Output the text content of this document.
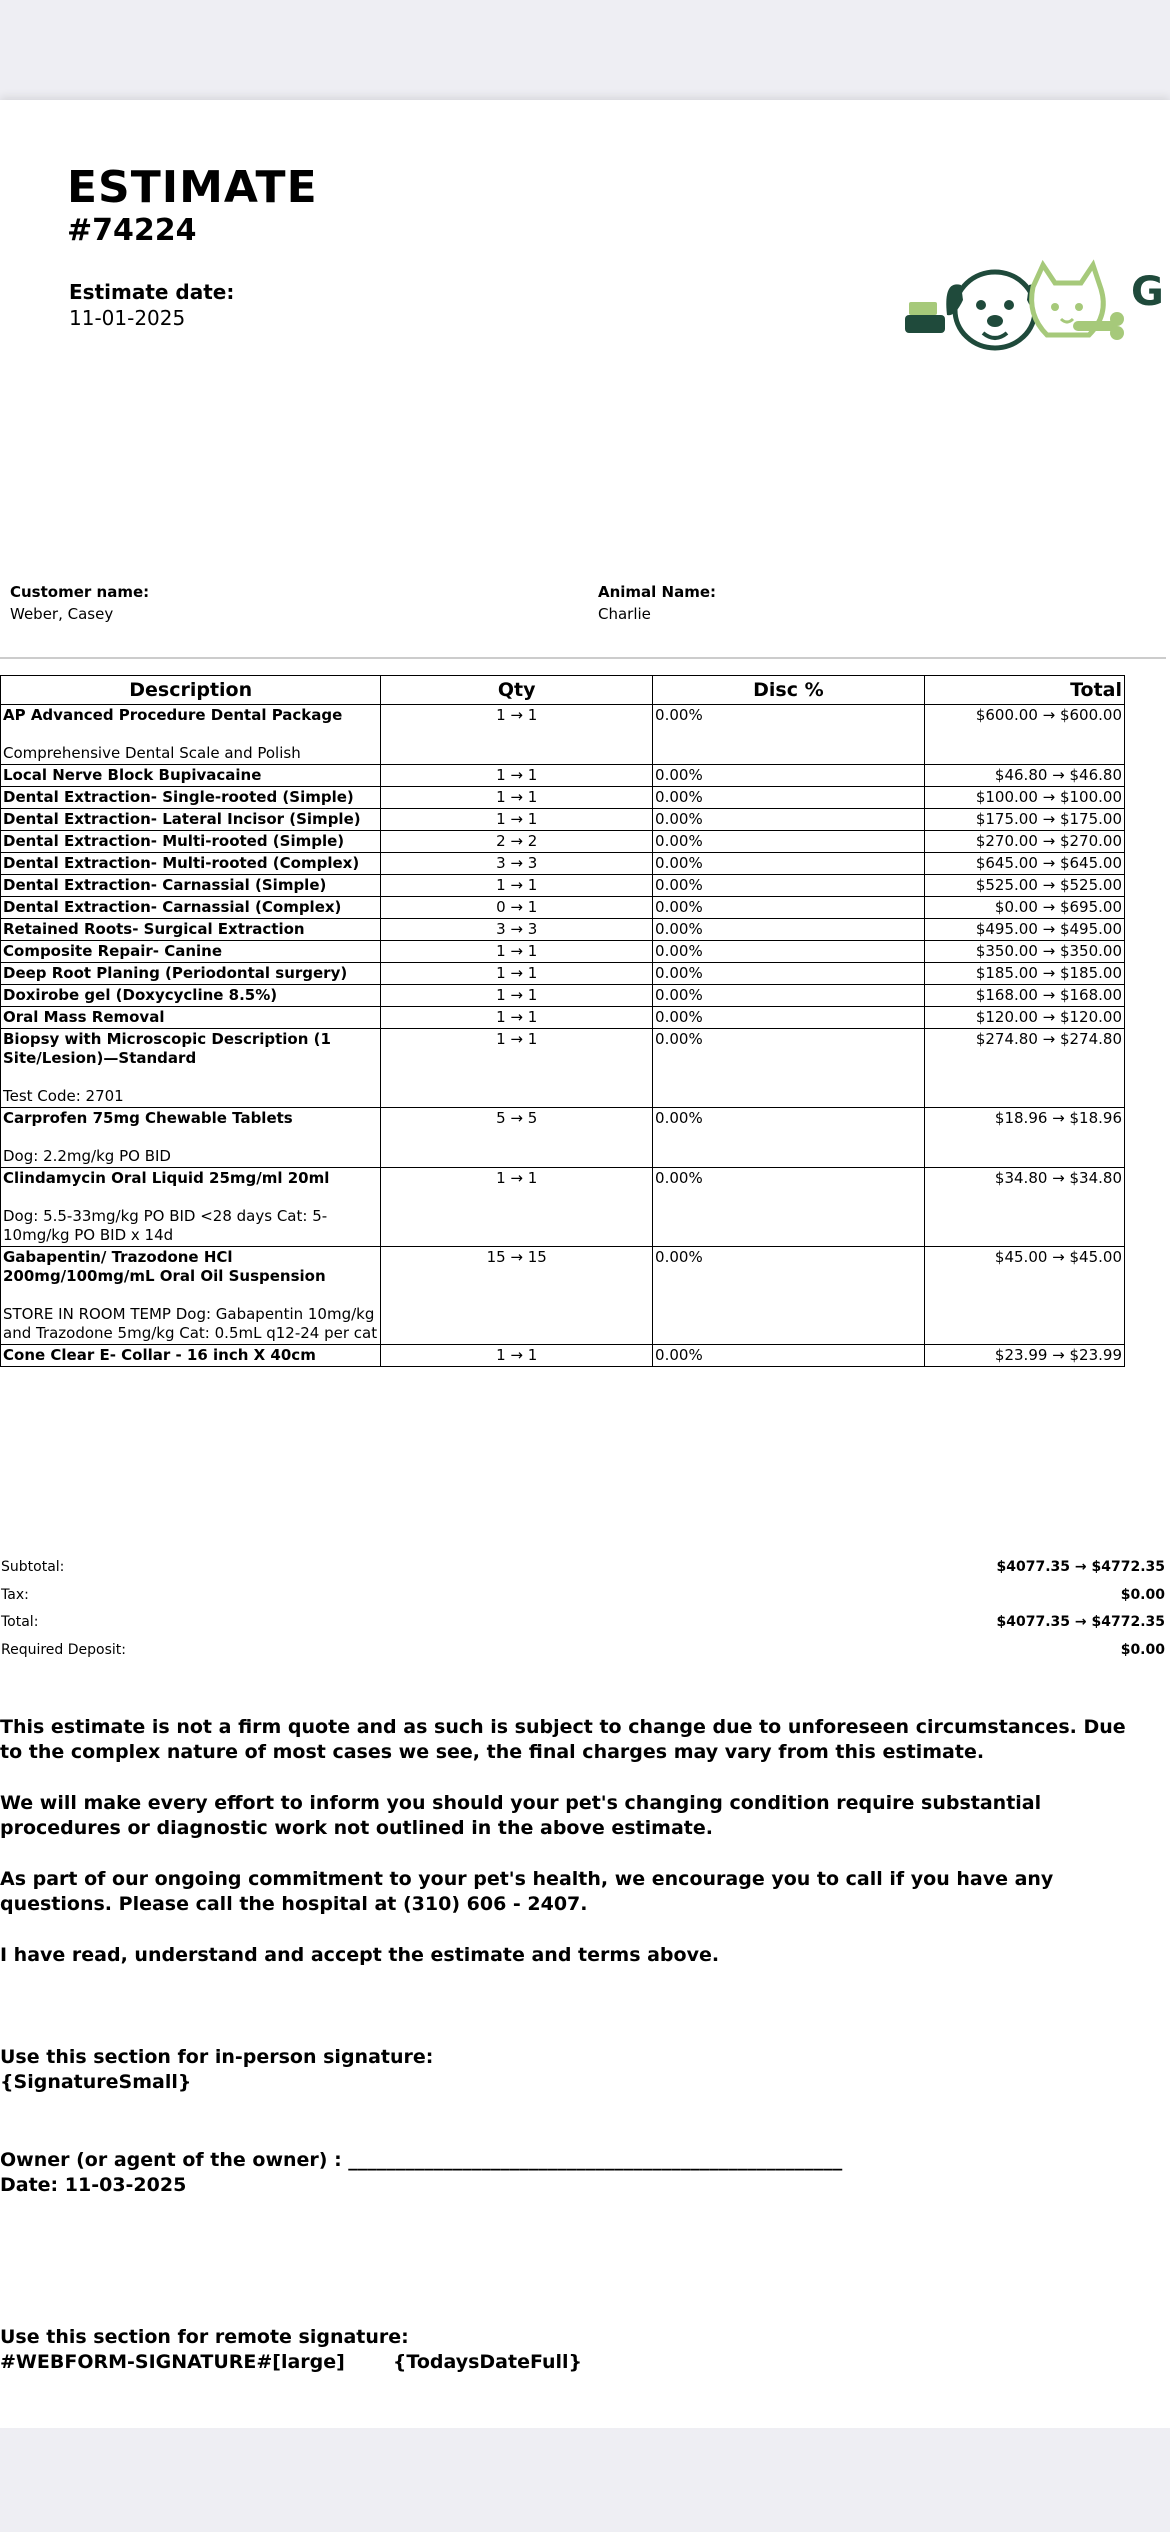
ESTIMATE
#74224
Estimate date:
11-01-2025
G
Customer name:
Weber, Casey
Animal Name:
Charlie
Description	Qty	Disc %	Total

AP Advanced Procedure Dental Package
Comprehensive Dental Scale and Polish	1 → 1	0.00%	$600.00 → $600.00

Local Nerve Block Bupivacaine	1 → 1	0.00%	$46.80 → $46.80

Dental Extraction- Single-rooted (Simple)	1 → 1	0.00%	$100.00 → $100.00

Dental Extraction- Lateral Incisor (Simple)	1 → 1	0.00%	$175.00 → $175.00

Dental Extraction- Multi-rooted (Simple)	2 → 2	0.00%	$270.00 → $270.00

Dental Extraction- Multi-rooted (Complex)	3 → 3	0.00%	$645.00 → $645.00

Dental Extraction- Carnassial (Simple)	1 → 1	0.00%	$525.00 → $525.00

Dental Extraction- Carnassial (Complex)	0 → 1	0.00%	$0.00 → $695.00

Retained Roots- Surgical Extraction	3 → 3	0.00%	$495.00 → $495.00

Composite Repair- Canine	1 → 1	0.00%	$350.00 → $350.00

Deep Root Planing (Periodontal surgery)	1 → 1	0.00%	$185.00 → $185.00

Doxirobe gel (Doxycycline 8.5%)	1 → 1	0.00%	$168.00 → $168.00

Oral Mass Removal	1 → 1	0.00%	$120.00 → $120.00

Biopsy with Microscopic Description (1 Site/Lesion)—Standard
Test Code: 2701	1 → 1	0.00%	$274.80 → $274.80

Carprofen 75mg Chewable Tablets
Dog: 2.2mg/kg PO BID	5 → 5	0.00%	$18.96 → $18.96

Clindamycin Oral Liquid 25mg/ml 20ml
Dog: 5.5-33mg/kg PO BID <28 days Cat: 5-10mg/kg PO BID x 14d	1 → 1	0.00%	$34.80 → $34.80

Gabapentin/ Trazodone HCl 200mg/100mg/mL Oral Oil Suspension
STORE IN ROOM TEMP Dog: Gabapentin 10mg/kg and Trazodone 5mg/kg Cat: 0.5mL q12-24 per cat	15 → 15	0.00%	$45.00 → $45.00

Cone Clear E- Collar - 16 inch X 40cm	1 → 1	0.00%	$23.99 → $23.99
Subtotal:	$4077.35 → $4772.35
Tax:	$0.00
Total:	$4077.35 → $4772.35
Required Deposit:	$0.00

This estimate is not a firm quote and as such is subject to change due to unforeseen circumstances. Due to the complex nature of most cases we see, the final charges may vary from this estimate.

We will make every effort to inform you should your pet's changing condition require substantial procedures or diagnostic work not outlined in the above estimate.

As part of our ongoing commitment to your pet's health, we encourage you to call if you have any questions. Please call the hospital at (310) 606 - 2407.

I have read, understand and accept the estimate and terms above.

Use this section for in-person signature:
{SignatureSmall}
Owner (or agent of the owner) : ____________________________________________________
Date: 11-03-2025
Use this section for remote signature:
#WEBFORM-SIGNATURE#[large]	{TodaysDateFull}
